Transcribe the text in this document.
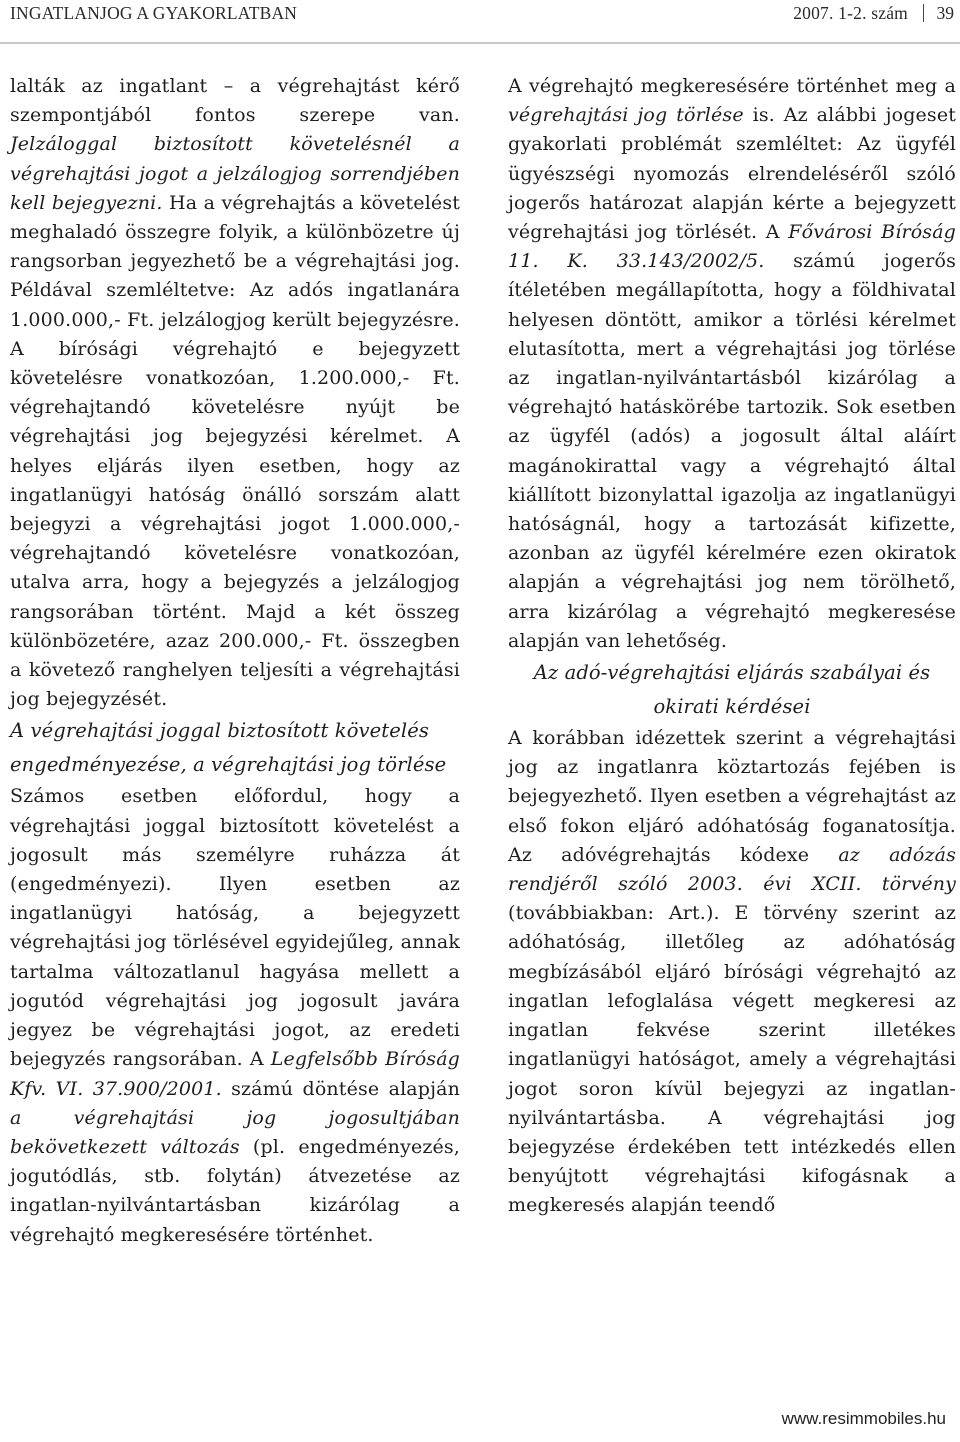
INGATLANJOG A GYAKORLATBAN	2007. 1-2. szám 39

lalták az ingatlant – a végrehajtást kérő szempontjából fontos szerepe van. Jelzáloggal biztosított követelésnél a végrehajtási jogot a jelzálogjog sorrendjében kell bejegyezni. Ha a végrehajtás a követelést meghaladó összegre folyik, a különbözetre új rangsorban jegyezhető be a végrehajtási jog. Példával szemléltetve: Az adós ingatlanára 1.000.000,- Ft. jelzálogjog került bejegyzésre. A bírósági végrehajtó e bejegyzett követelésre vonatkozóan, 1.200.000,- Ft. végrehajtandó követelésre nyújt be végrehajtási jog bejegyzési kérelmet. A helyes eljárás ilyen esetben, hogy az ingatlanügyi hatóság önálló sorszám alatt bejegyzi a végrehajtási jogot 1.000.000,- végrehajtandó követelésre vonatkozóan, utalva arra, hogy a bejegyzés a jelzálogjog rangsorában történt. Majd a két összeg különbözetére, azaz 200.000,- Ft. összegben a követező ranghelyen teljesíti a végrehajtási jog bejegyzését.

A végrehajtási joggal biztosított követelés engedményezése, a végrehajtási jog törlése

Számos esetben előfordul, hogy a végrehajtási joggal biztosított követelést a jogosult más személyre ruházza át (engedményezi). Ilyen esetben az ingatlanügyi hatóság, a bejegyzett végrehajtási jog törlésével egyidejűleg, annak tartalma változatlanul hagyása mellett a jogutód végrehajtási jog jogosult javára jegyez be végrehajtási jogot, az eredeti bejegyzés rangsorában. A Legfelsőbb Bíróság Kfv. VI. 37.900/2001. számú döntése alapján a végrehajtási jog jogosultjában bekövetkezett változás (pl. engedményezés, jogutódlás, stb. folytán) átvezetése az ingatlan-nyilvántartásban kizárólag a végrehajtó megkeresésére történhet.

A végrehajtó megkeresésére történhet meg a végrehajtási jog törlése is. Az alábbi jogeset gyakorlati problémát szemléltet: Az ügyfél ügyészségi nyomozás elrendeléséről szóló jogerős határozat alapján kérte a bejegyzett végrehajtási jog törlését. A Fővárosi Bíróság 11. K. 33.143/2002/5. számú jogerős ítéletében megállapította, hogy a földhivatal helyesen döntött, amikor a törlési kérelmet elutasította, mert a végrehajtási jog törlése az ingatlan-nyilvántartásból kizárólag a végrehajtó hatáskörébe tartozik. Sok esetben az ügyfél (adós) a jogosult által aláírt magánokirattal vagy a végrehajtó által kiállított bizonylattal igazolja az ingatlanügyi hatóságnál, hogy a tartozását kifizette, azonban az ügyfél kérelmére ezen okiratok alapján a végrehajtási jog nem törölhető, arra kizárólag a végrehajtó megkeresése alapján van lehetőség.

Az adó-végrehajtási eljárás szabályai és okirati kérdései

A korábban idézettek szerint a végrehajtási jog az ingatlanra köztartozás fejében is bejegyezhető. Ilyen esetben a végrehajtást az első fokon eljáró adóhatóság foganatosítja. Az adóvégrehajtás kódexe az adózás rendjéről szóló 2003. évi XCII. törvény (továbbiakban: Art.). E törvény szerint az adóhatóság, illetőleg az adóhatóság megbízásából eljáró bírósági végrehajtó az ingatlan lefoglalása végett megkeresi az ingatlan fekvése szerint illetékes ingatlanügyi hatóságot, amely a végrehajtási jogot soron kívül bejegyzi az ingatlan-nyilvántartásba. A végrehajtási jog bejegyzése érdekében tett intézkedés ellen benyújtott végrehajtási kifogásnak a megkeresés alapján teendő

www.resimmobiles.hu
